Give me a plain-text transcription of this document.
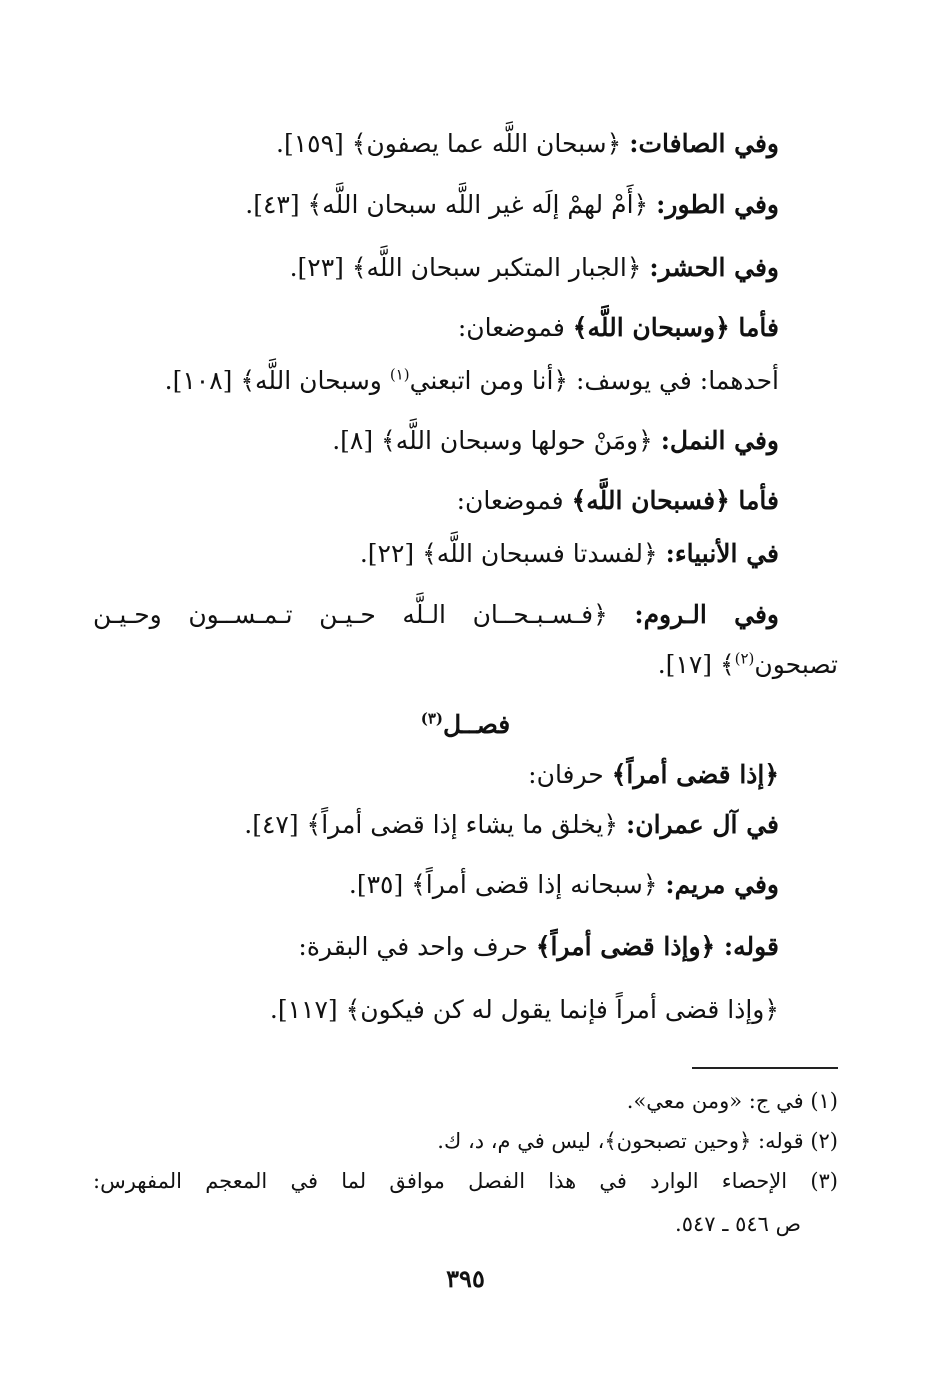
وفي الصافات: ﴿سبحان اللَّه عما يصفون﴾ [١٥٩].
وفي الطور: ﴿أَمْ لهمْ إلَه غير اللَّه سبحان اللَّه﴾ [٤٣].
وفي الحشر: ﴿الجبار المتكبر سبحان اللَّه﴾ [٢٣].
فأما ﴿وسبحان اللَّه﴾ فموضعان:
أحدهما: في يوسف: ﴿أنا ومن اتبعني$^{(١)}$ وسبحان اللَّه﴾ [١٠٨].
وفي النمل: ﴿ومَنْ حولها وسبحان اللَّه﴾ [٨].
فأما ﴿فسبحان اللَّه﴾ فموضعان:
في الأنبياء: ﴿لفسدتا فسبحان اللَّه﴾ [٢٢].
وفي الـروم: ﴿فـسـبـحــان الـلَّه حـيـن تـمـســون وحـيـن
تصبحون$^{(٢)}$﴾ [١٧].
فصــل$^{(٣)}$
﴿إذا قضى أمراً﴾ حرفان:
في آل عمران: ﴿يخلق ما يشاء إذا قضى أمراً﴾ [٤٧].
وفي مريم: ﴿سبحانه إذا قضى أمراً﴾ [٣٥].
قوله: ﴿وإذا قضى أمراً﴾ حرف واحد في البقرة:
﴿وإذا قضى أمراً فإنما يقول له كن فيكون﴾ [١١٧].
(١) في ج: «ومن معي».
(٢) قوله: ﴿وحين تصبحون﴾، ليس في م، د، ك.
(٣) الإحصاء الوارد في هذا الفصل موافق لما في المعجم المفهرس:
ص ٥٤٦ ـ ٥٤٧.
٣٩٥
